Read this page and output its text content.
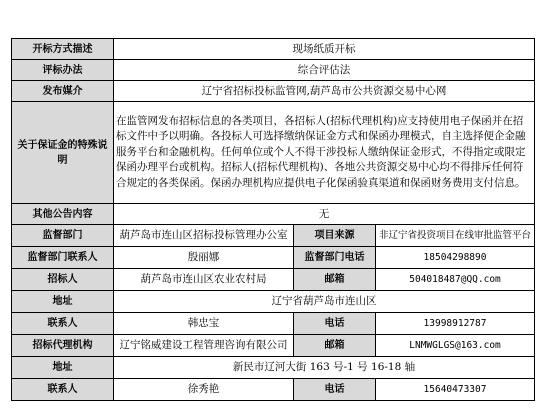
开标方式描述	现场纸质开标		
评标办法	综合评估法		
发布媒介	辽宁省招标投标监管网,葫芦岛市公共资源交易中心网		
关于保证金的特殊说明	在监管网发布招标信息的各类项目，各招标人(招标代理机构)应支持使用电子保函并在招标文件中予以明确。各投标人可选择缴纳保证金方式和保函办理模式，自主选择便企金融服务平台和金融机构。任何单位或个人不得干涉投标人缴纳保证金形式，不得指定或限定保函办理平台或机构。招标人(招标代理机构)、各地公共资源交易中心均不得排斥任何符合规定的各类保函。保函办理机构应提供电子化保函验真渠道和保函财务费用支付信息。		
其他公告内容	无		
监督部门	葫芦岛市连山区招标投标管理办公室	项目来源	非辽宁省投资项目在线审批监管平台
监督部门联系人	殷丽娜	监督部门电话	18504298890
招标人	葫芦岛市连山区农业农村局	邮箱	504018487@QQ.com
地址	辽宁省葫芦岛市连山区		
联系人	韩忠宝	电话	13998912787
招标代理机构	辽宁铭威建设工程管理咨询有限公司	邮箱	LNMWGLGS@163.com
地址	新民市辽河大街 163 号-1 号 16-18 轴		
联系人	徐秀艳	电话	15640473307
